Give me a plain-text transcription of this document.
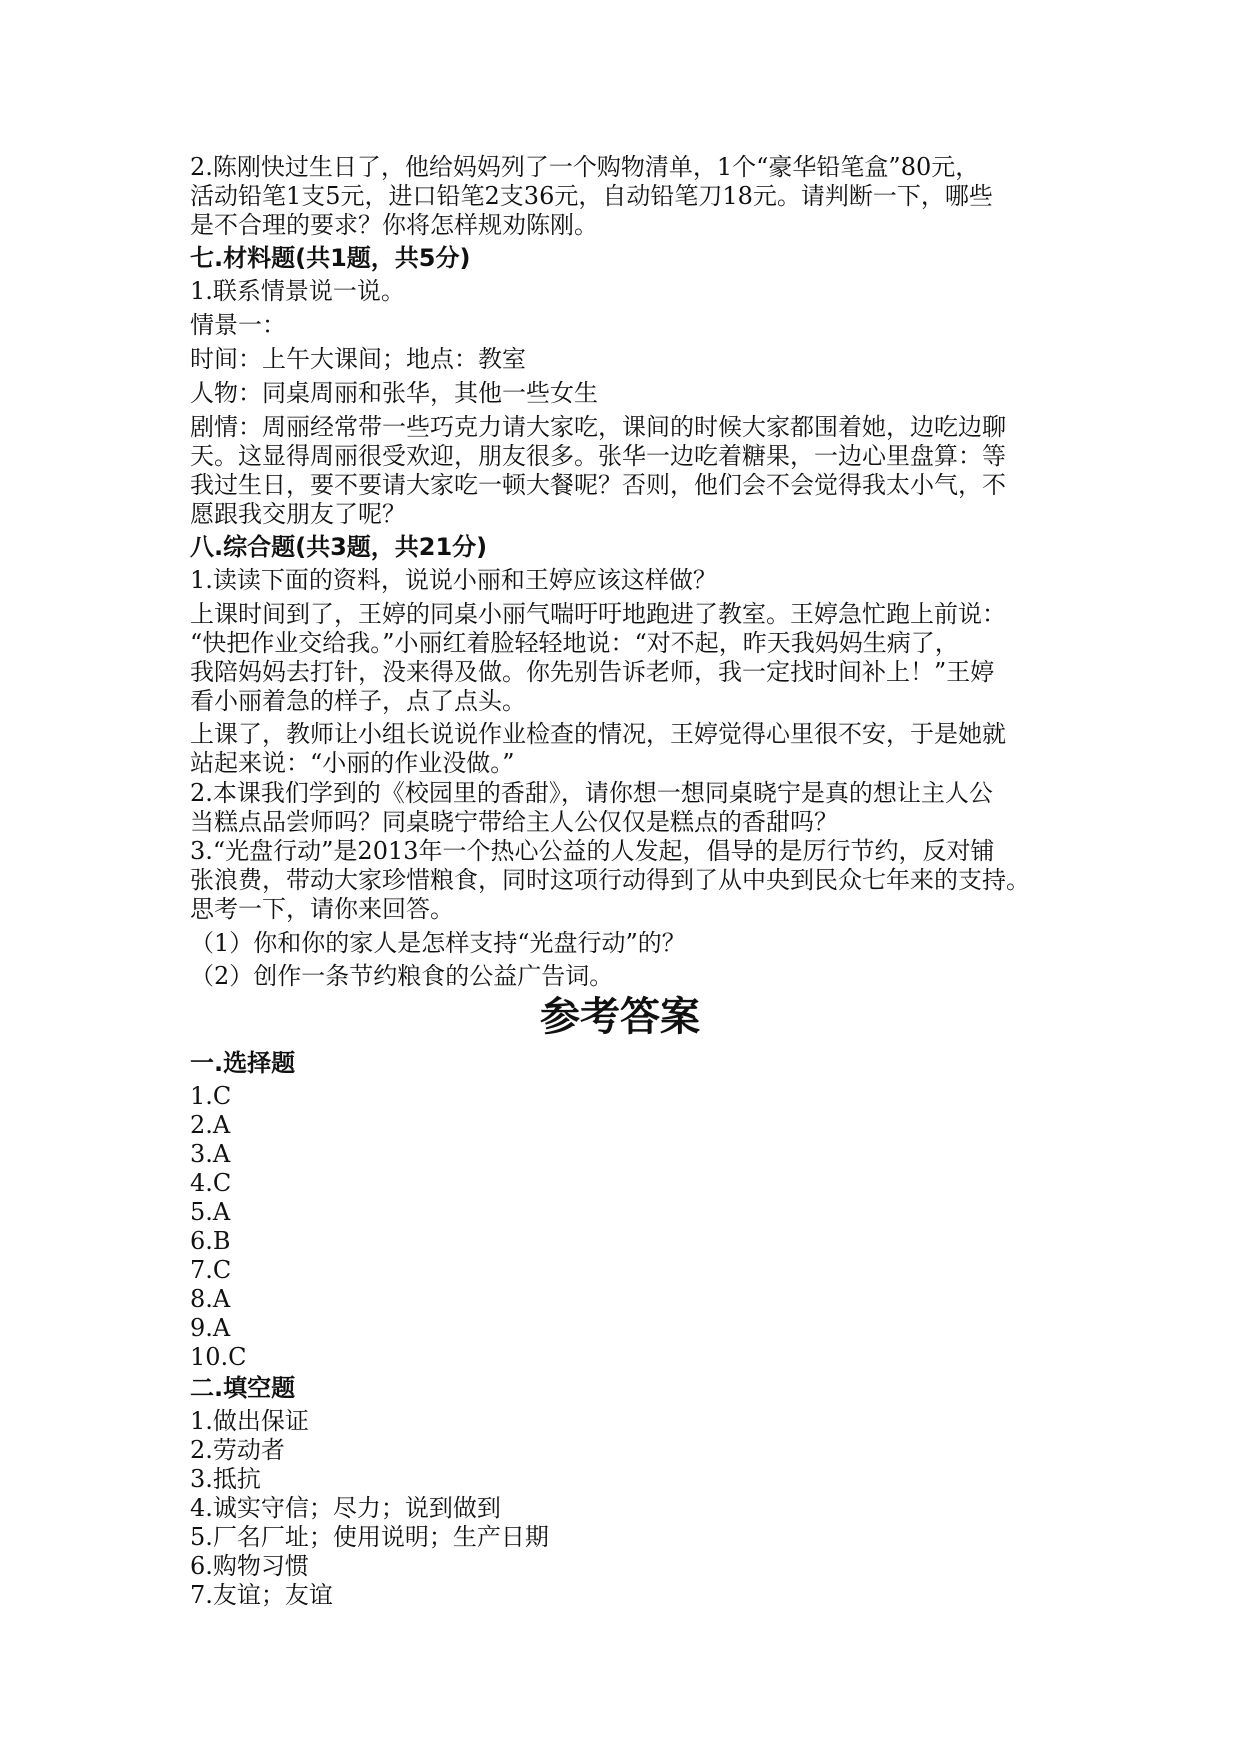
2.陈刚快过生日了，他给妈妈列了一个购物清单，1个“豪华铅笔盒”80元，

活动铅笔1支5元，进口铅笔2支36元，自动铅笔刀18元。请判断一下，哪些

是不合理的要求？你将怎样规劝陈刚。

七.材料题(共1题，共5分)

1.联系情景说一说。

情景一：

时间：上午大课间；地点：教室

人物：同桌周丽和张华，其他一些女生

剧情：周丽经常带一些巧克力请大家吃，课间的时候大家都围着她，边吃边聊

天。这显得周丽很受欢迎，朋友很多。张华一边吃着糖果，一边心里盘算：等

我过生日，要不要请大家吃一顿大餐呢？否则，他们会不会觉得我太小气，不

愿跟我交朋友了呢？

八.综合题(共3题，共21分)

1.读读下面的资料，说说小丽和王婷应该这样做？

上课时间到了，王婷的同桌小丽气喘吁吁地跑进了教室。王婷急忙跑上前说：

“快把作业交给我。”小丽红着脸轻轻地说：“对不起，昨天我妈妈生病了，

我陪妈妈去打针，没来得及做。你先别告诉老师，我一定找时间补上！”王婷

看小丽着急的样子，点了点头。

上课了，教师让小组长说说作业检查的情况，王婷觉得心里很不安，于是她就

站起来说：“小丽的作业没做。”

2.本课我们学到的《校园里的香甜》，请你想一想同桌晓宁是真的想让主人公

当糕点品尝师吗？同桌晓宁带给主人公仅仅是糕点的香甜吗？

3.“光盘行动”是2013年一个热心公益的人发起，倡导的是厉行节约，反对铺

张浪费，带动大家珍惜粮食，同时这项行动得到了从中央到民众七年来的支持。

思考一下，请你来回答。

（1）你和你的家人是怎样支持“光盘行动”的？

（2）创作一条节约粮食的公益广告词。

参考答案

一.选择题

1.C

2.A

3.A

4.C

5.A

6.B

7.C

8.A

9.A

10.C

二.填空题

1.做出保证

2.劳动者

3.抵抗

4.诚实守信；尽力；说到做到

5.厂名厂址；使用说明；生产日期

6.购物习惯

7.友谊；友谊
